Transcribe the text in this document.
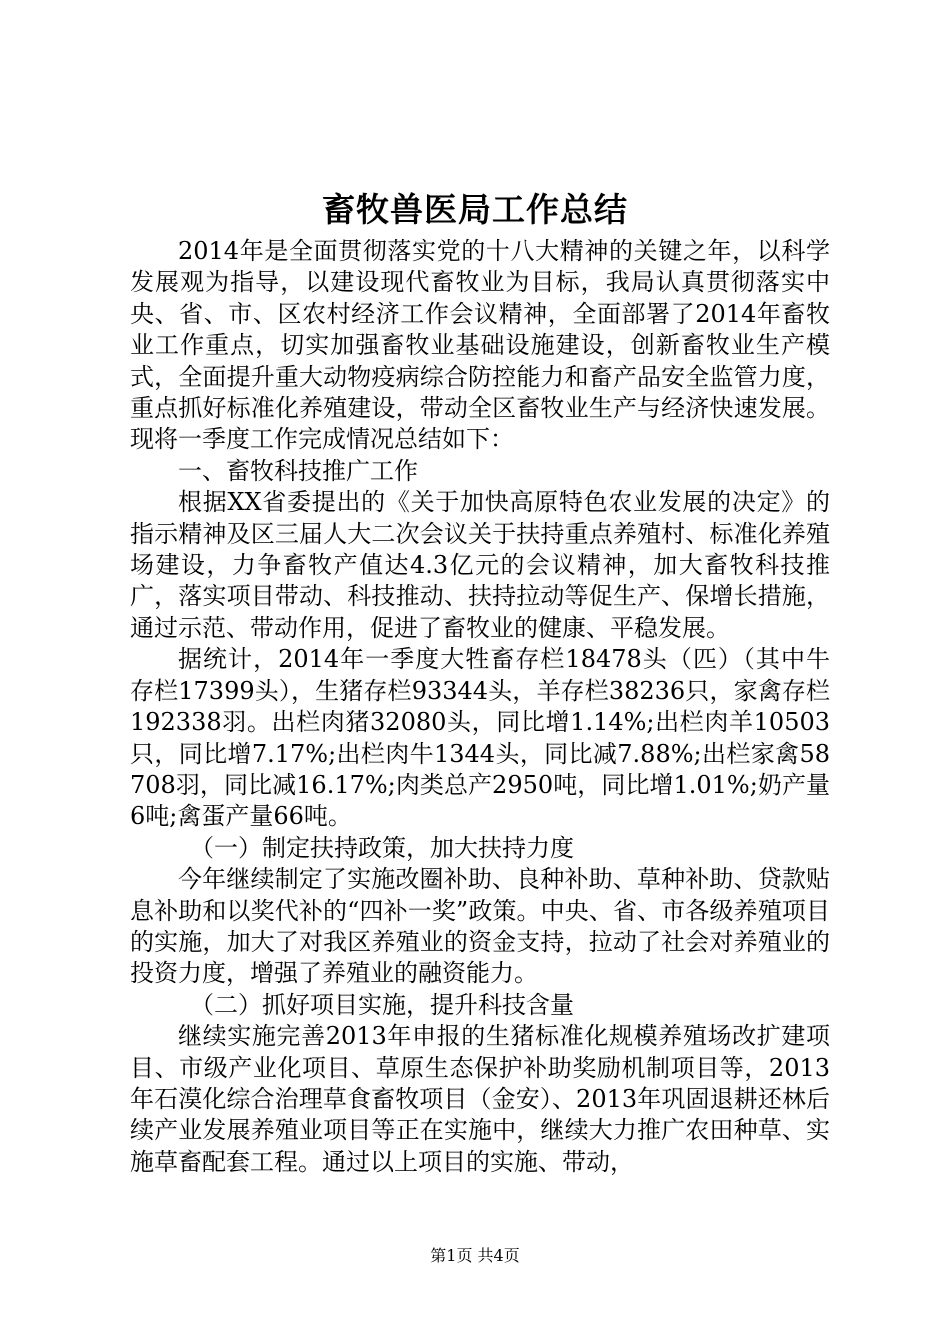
畜牧兽医局工作总结

2014年是全面贯彻落实党的十八大精神的关键之年，以科学发展观为指导，以建设现代畜牧业为目标，我局认真贯彻落实中央、省、市、区农村经济工作会议精神，全面部署了2014年畜牧业工作重点，切实加强畜牧业基础设施建设，创新畜牧业生产模式，全面提升重大动物疫病综合防控能力和畜产品安全监管力度，重点抓好标准化养殖建设，带动全区畜牧业生产与经济快速发展。现将一季度工作完成情况总结如下：

一、畜牧科技推广工作

根据XX省委提出的《关于加快高原特色农业发展的决定》的指示精神及区三届人大二次会议关于扶持重点养殖村、标准化养殖场建设，力争畜牧产值达4.3亿元的会议精神，加大畜牧科技推广，落实项目带动、科技推动、扶持拉动等促生产、保增长措施，通过示范、带动作用，促进了畜牧业的健康、平稳发展。

据统计，2014年一季度大牲畜存栏18478头（匹）（其中牛存栏17399头），生猪存栏93344头，羊存栏38236只，家禽存栏192338羽。出栏肉猪32080头，同比增1.14%;出栏肉羊10503只，同比增7.17%;出栏肉牛1344头，同比减7.88%;出栏家禽58708羽，同比减16.17%;肉类总产2950吨，同比增1.01%;奶产量6吨;禽蛋产量66吨。

（一）制定扶持政策，加大扶持力度

今年继续制定了实施改圈补助、良种补助、草种补助、贷款贴息补助和以奖代补的“四补一奖”政策。中央、省、市各级养殖项目的实施，加大了对我区养殖业的资金支持，拉动了社会对养殖业的投资力度，增强了养殖业的融资能力。

（二）抓好项目实施，提升科技含量

继续实施完善2013年申报的生猪标准化规模养殖场改扩建项目、市级产业化项目、草原生态保护补助奖励机制项目等，2013年石漠化综合治理草食畜牧项目（金安）、2013年巩固退耕还林后续产业发展养殖业项目等正在实施中，继续大力推广农田种草、实施草畜配套工程。通过以上项目的实施、带动，

第1页 共4页
